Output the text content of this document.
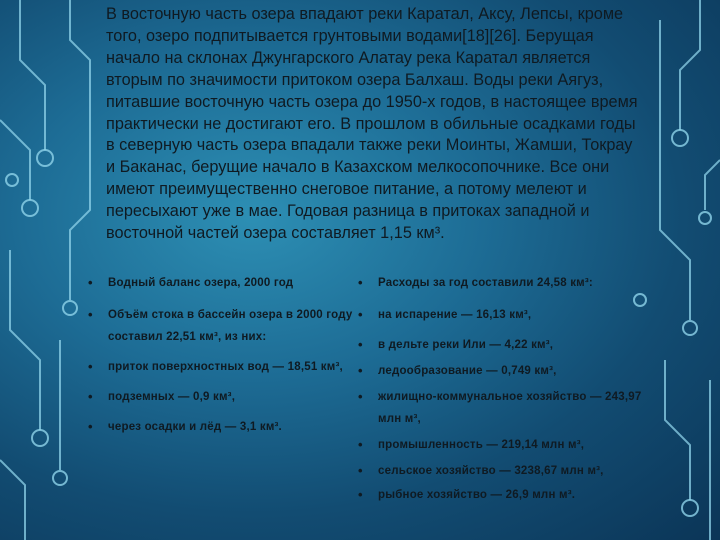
В восточную часть озера впадают реки Каратал, Аксу, Лепсы, кроме того, озеро подпитывается грунтовыми водами[18][26]. Берущая начало на склонах Джунгарского Алатау река Каратал является вторым по значимости притоком озера Балхаш. Воды реки Аягуз, питавшие восточную часть озера до 1950-х годов, в настоящее время практически не достигают его. В прошлом в обильные осадками годы в северную часть озера впадали также реки Моинты, Жамши, Токрау и Баканас, берущие начало в Казахском мелкосопочнике. Все они имеют преимущественно снеговое питание, а потому мелеют и пересыхают уже в мае. Годовая разница в притоках западной и восточной частей озера составляет 1,15 км³.

• Водный баланс озера, 2000 год
• Объём стока в бассейн озера в 2000 году составил 22,51 км³, из них:
• приток поверхностных вод — 18,51 км³,
• подземных — 0,9 км³,
• через осадки и лёд — 3,1 км³.
• Расходы за год составили 24,58 км³:
• на испарение — 16,13 км³,
• в дельте реки Или — 4,22 км³,
• ледообразование — 0,749 км³,
• жилищно-коммунальное хозяйство — 243,97 млн м³,
• промышленность — 219,14 млн м³,
• сельское хозяйство — 3238,67 млн м³,
• рыбное хозяйство — 26,9 млн м³.
